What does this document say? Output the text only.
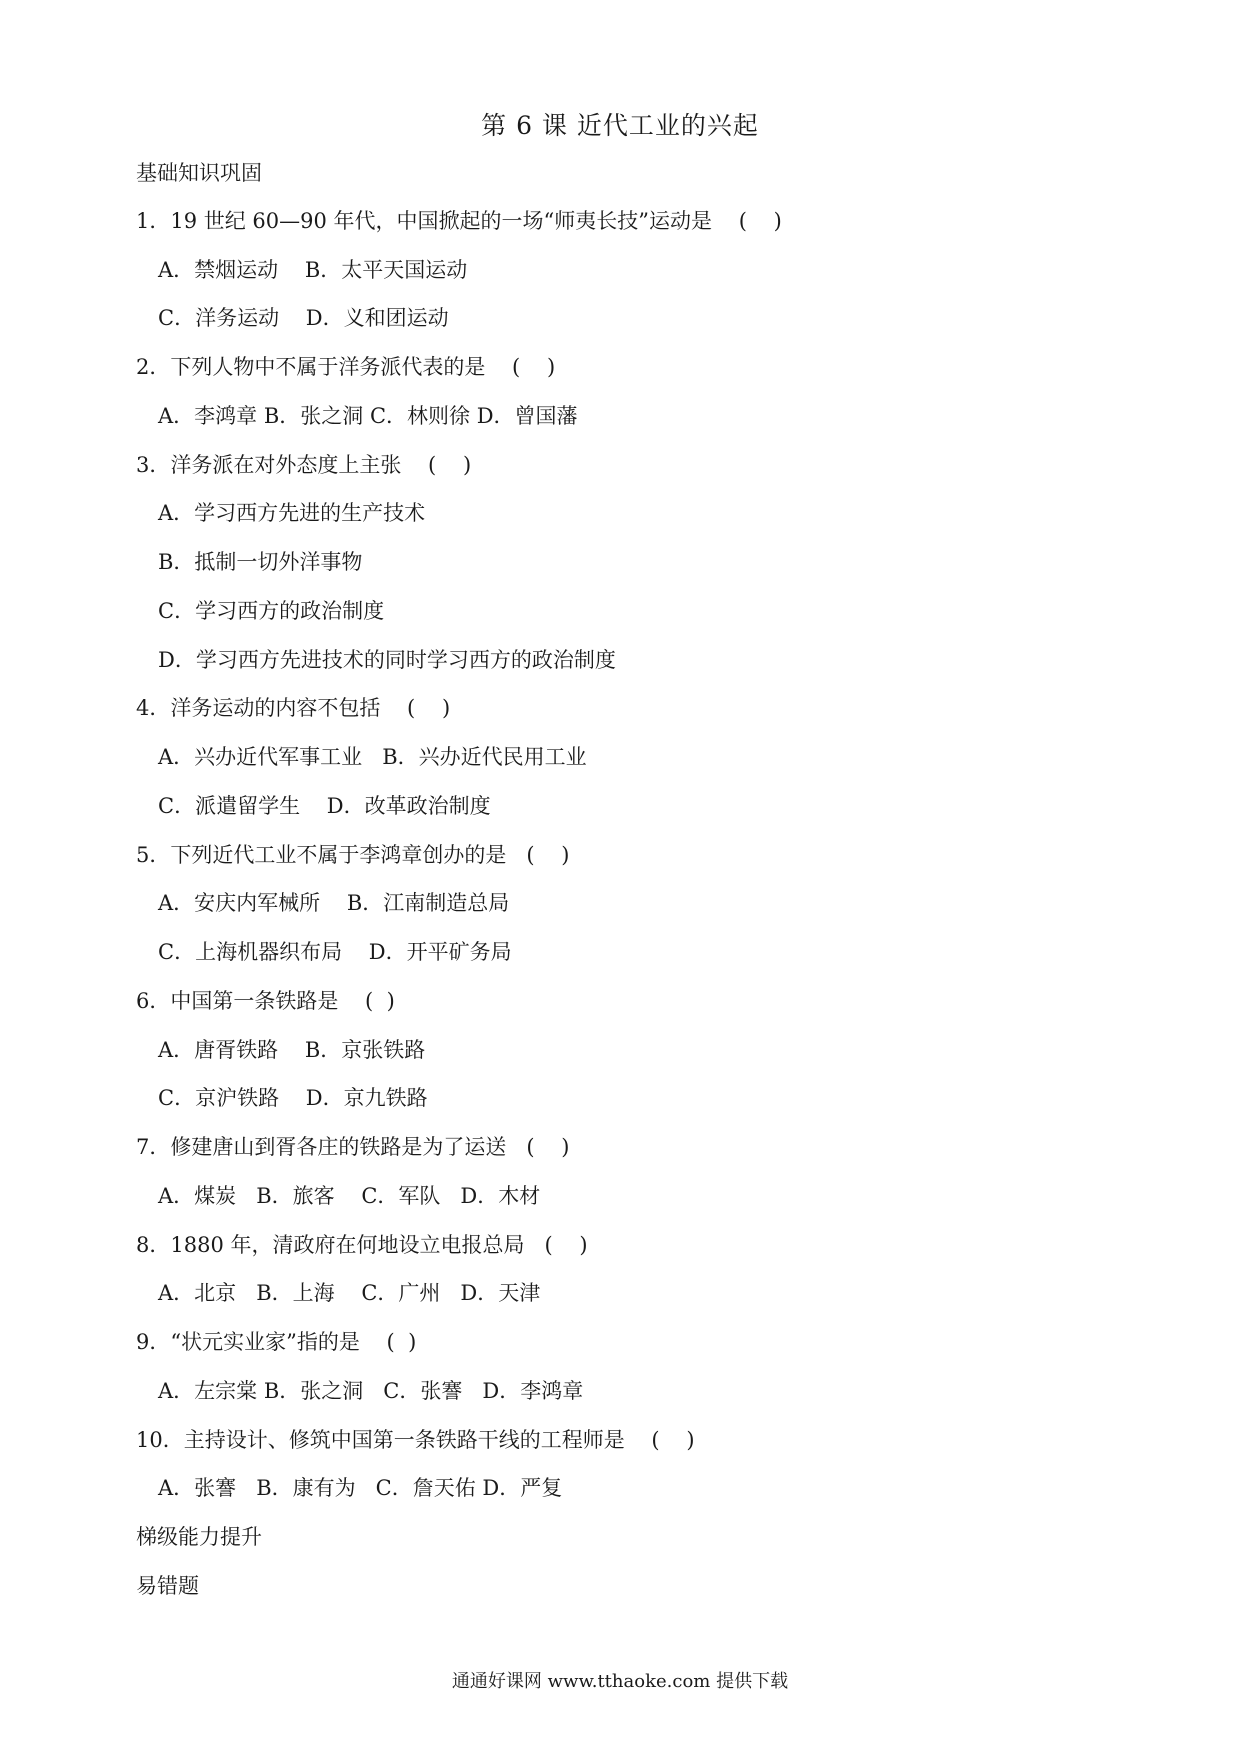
第 6 课 近代工业的兴起
基础知识巩固
1．19 世纪 60—90 年代，中国掀起的一场“师夷长技”运动是    (    )
A．禁烟运动    B．太平天国运动
C．洋务运动    D．义和团运动
2．下列人物中不属于洋务派代表的是    (    )
A．李鸿章 B．张之洞 C．林则徐 D．曾国藩
3．洋务派在对外态度上主张    (    )
A．学习西方先进的生产技术
B．抵制一切外洋事物
C．学习西方的政治制度
D．学习西方先进技术的同时学习西方的政治制度
4．洋务运动的内容不包括    (    )
A．兴办近代军事工业   B．兴办近代民用工业
C．派遣留学生    D．改革政治制度
5．下列近代工业不属于李鸿章创办的是   (    )
A．安庆内军械所    B．江南制造总局
C．上海机器织布局    D．开平矿务局
6．中国第一条铁路是    (  )
A．唐胥铁路    B．京张铁路
C．京沪铁路    D．京九铁路
7．修建唐山到胥各庄的铁路是为了运送   (    )
A．煤炭   B．旅客    C．军队   D．木材
8．1880 年，清政府在何地设立电报总局   (    )
A．北京   B．上海    C．广州   D．天津
9．“状元实业家”指的是    (  )
A．左宗棠 B．张之洞   C．张謇   D．李鸿章
10．主持设计、修筑中国第一条铁路干线的工程师是    (    )
A．张謇   B．康有为   C．詹天佑 D．严复
梯级能力提升
易错题
通通好课网 www.tthaoke.com 提供下载
